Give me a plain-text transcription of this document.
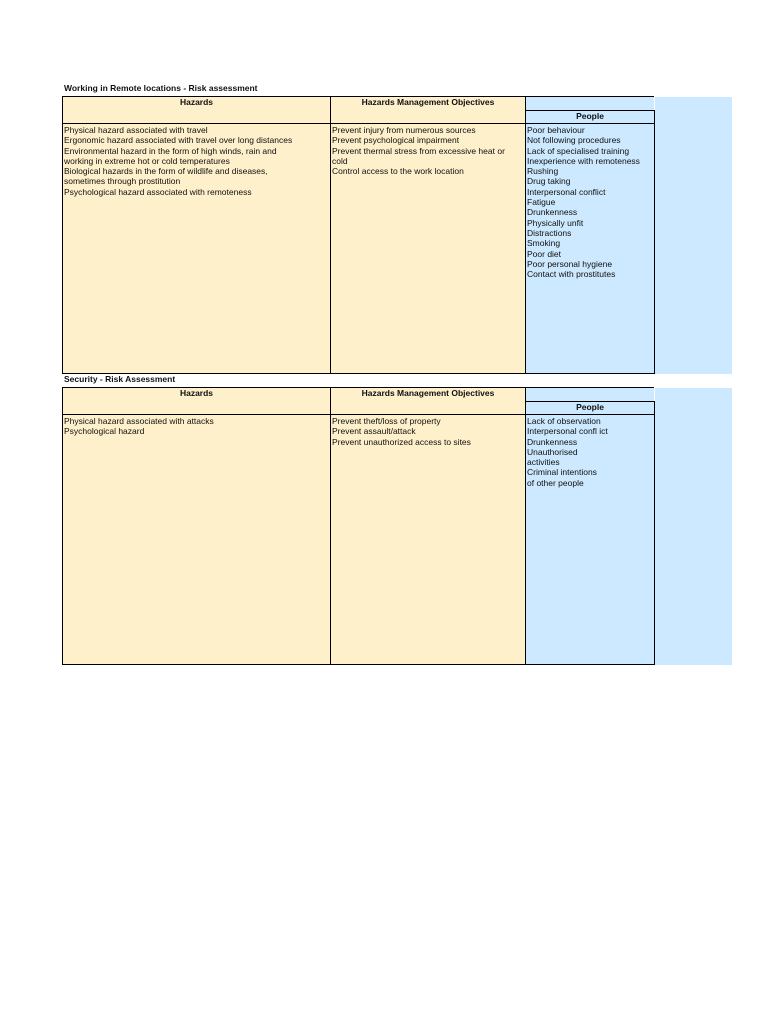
Working in Remote locations - Risk assessment
Hazards	Hazards Management Objectives
People
Physical hazard associated with travel
Ergonomic hazard associated with travel over long distances
Environmental hazard in the form of high winds, rain and
working in extreme hot or cold temperatures
Biological hazards in the form of wildlife and diseases,
sometimes through prostitution
Psychological hazard associated with remoteness
Prevent injury from numerous sources
Prevent psychological impairment
Prevent thermal stress from excessive heat or
cold
Control access to the work location
Poor behaviour
Not following procedures
Lack of specialised training
Inexperience with remoteness
Rushing
Drug taking
Interpersonal conflict
Fatigue
Drunkenness
Physically unfit
Distractions
Smoking
Poor diet
Poor personal hygiene
Contact with prostitutes
Security - Risk Assessment
Hazards	Hazards Management Objectives
People
Physical hazard associated with attacks
Psychological hazard
Prevent theft/loss of property
Prevent assault/attack
Prevent unauthorized access to sites
Lack of observation
Interpersonal confl ict
Drunkenness
Unauthorised
activities
Criminal intentions
of other people
